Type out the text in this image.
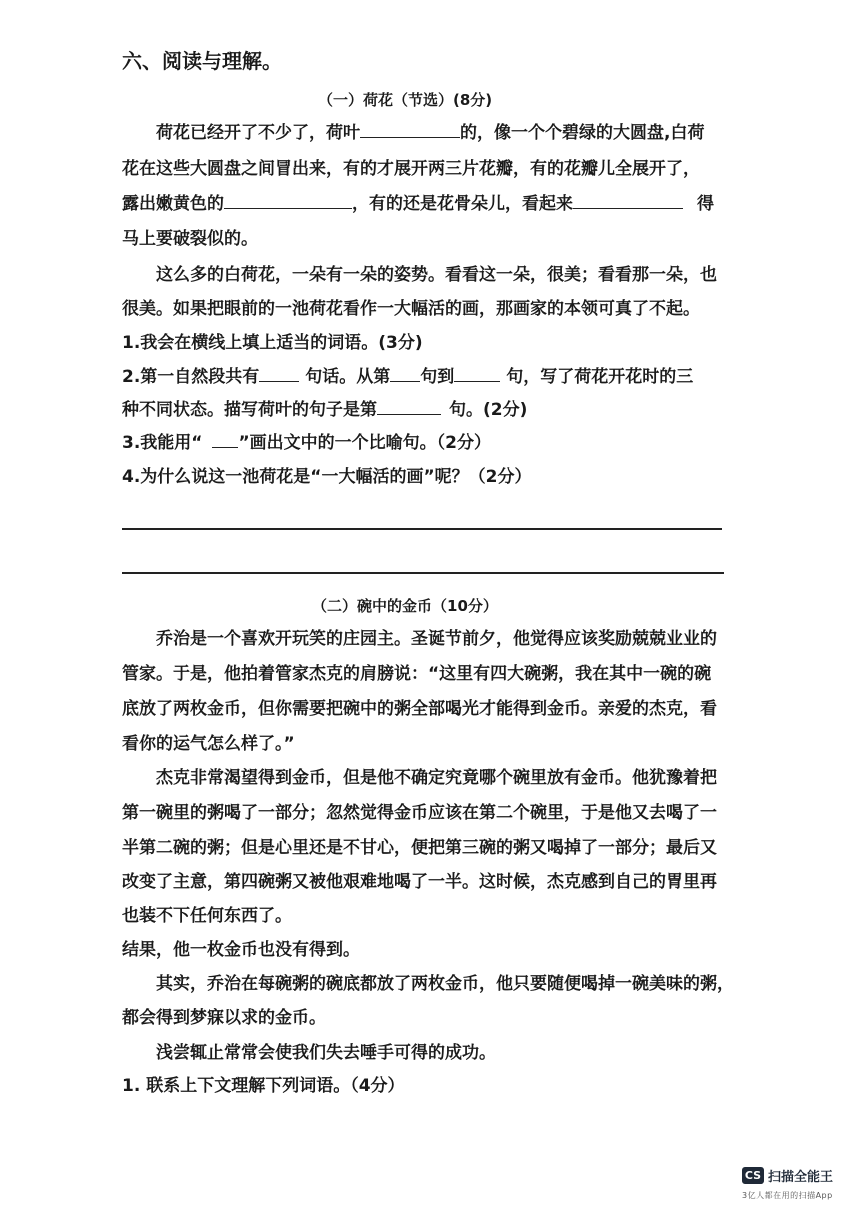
六、阅读与理解。
（一）荷花（节选）(8分)
荷花已经开了不少了，荷叶	的，像一个个碧绿的大圆盘,白荷
花在这些大圆盘之间冒出来，有的才展开两三片花瓣，有的花瓣儿全展开了，
露出嫩黄色的	，有的还是花骨朵儿，看起来	得
马上要破裂似的。
这么多的白荷花，一朵有一朵的姿势。看看这一朵，很美；看看那一朵，也
很美。如果把眼前的一池荷花看作一大幅活的画，那画家的本领可真了不起。
1.我会在横线上填上适当的词语。(3分)
2.第一自然段共有	句话。从第 句到	句，写了荷花开花时的三
种不同状态。描写荷叶的句子是第	句。(2分)
3.我能用“ ”画出文中的一个比喻句。（2分）
4.为什么说这一池荷花是“一大幅活的画”呢？（2分）
（二）碗中的金币（10分）
乔治是一个喜欢开玩笑的庄园主。圣诞节前夕，他觉得应该奖励兢兢业业的
管家。于是，他拍着管家杰克的肩膀说：“这里有四大碗粥，我在其中一碗的碗
底放了两枚金币，但你需要把碗中的粥全部喝光才能得到金币。亲爱的杰克，看
看你的运气怎么样了。”
杰克非常渴望得到金币，但是他不确定究竟哪个碗里放有金币。他犹豫着把
第一碗里的粥喝了一部分；忽然觉得金币应该在第二个碗里，于是他又去喝了一
半第二碗的粥；但是心里还是不甘心，便把第三碗的粥又喝掉了一部分；最后又
改变了主意，第四碗粥又被他艰难地喝了一半。这时候，杰克感到自己的胃里再
也装不下任何东西了。
结果，他一枚金币也没有得到。
其实，乔治在每碗粥的碗底都放了两枚金币，他只要随便喝掉一碗美味的粥，
都会得到梦寐以求的金币。
浅尝辄止常常会使我们失去唾手可得的成功。
1. 联系上下文理解下列词语。（4分）
CS 扫描全能王
3亿人都在用的扫描App
